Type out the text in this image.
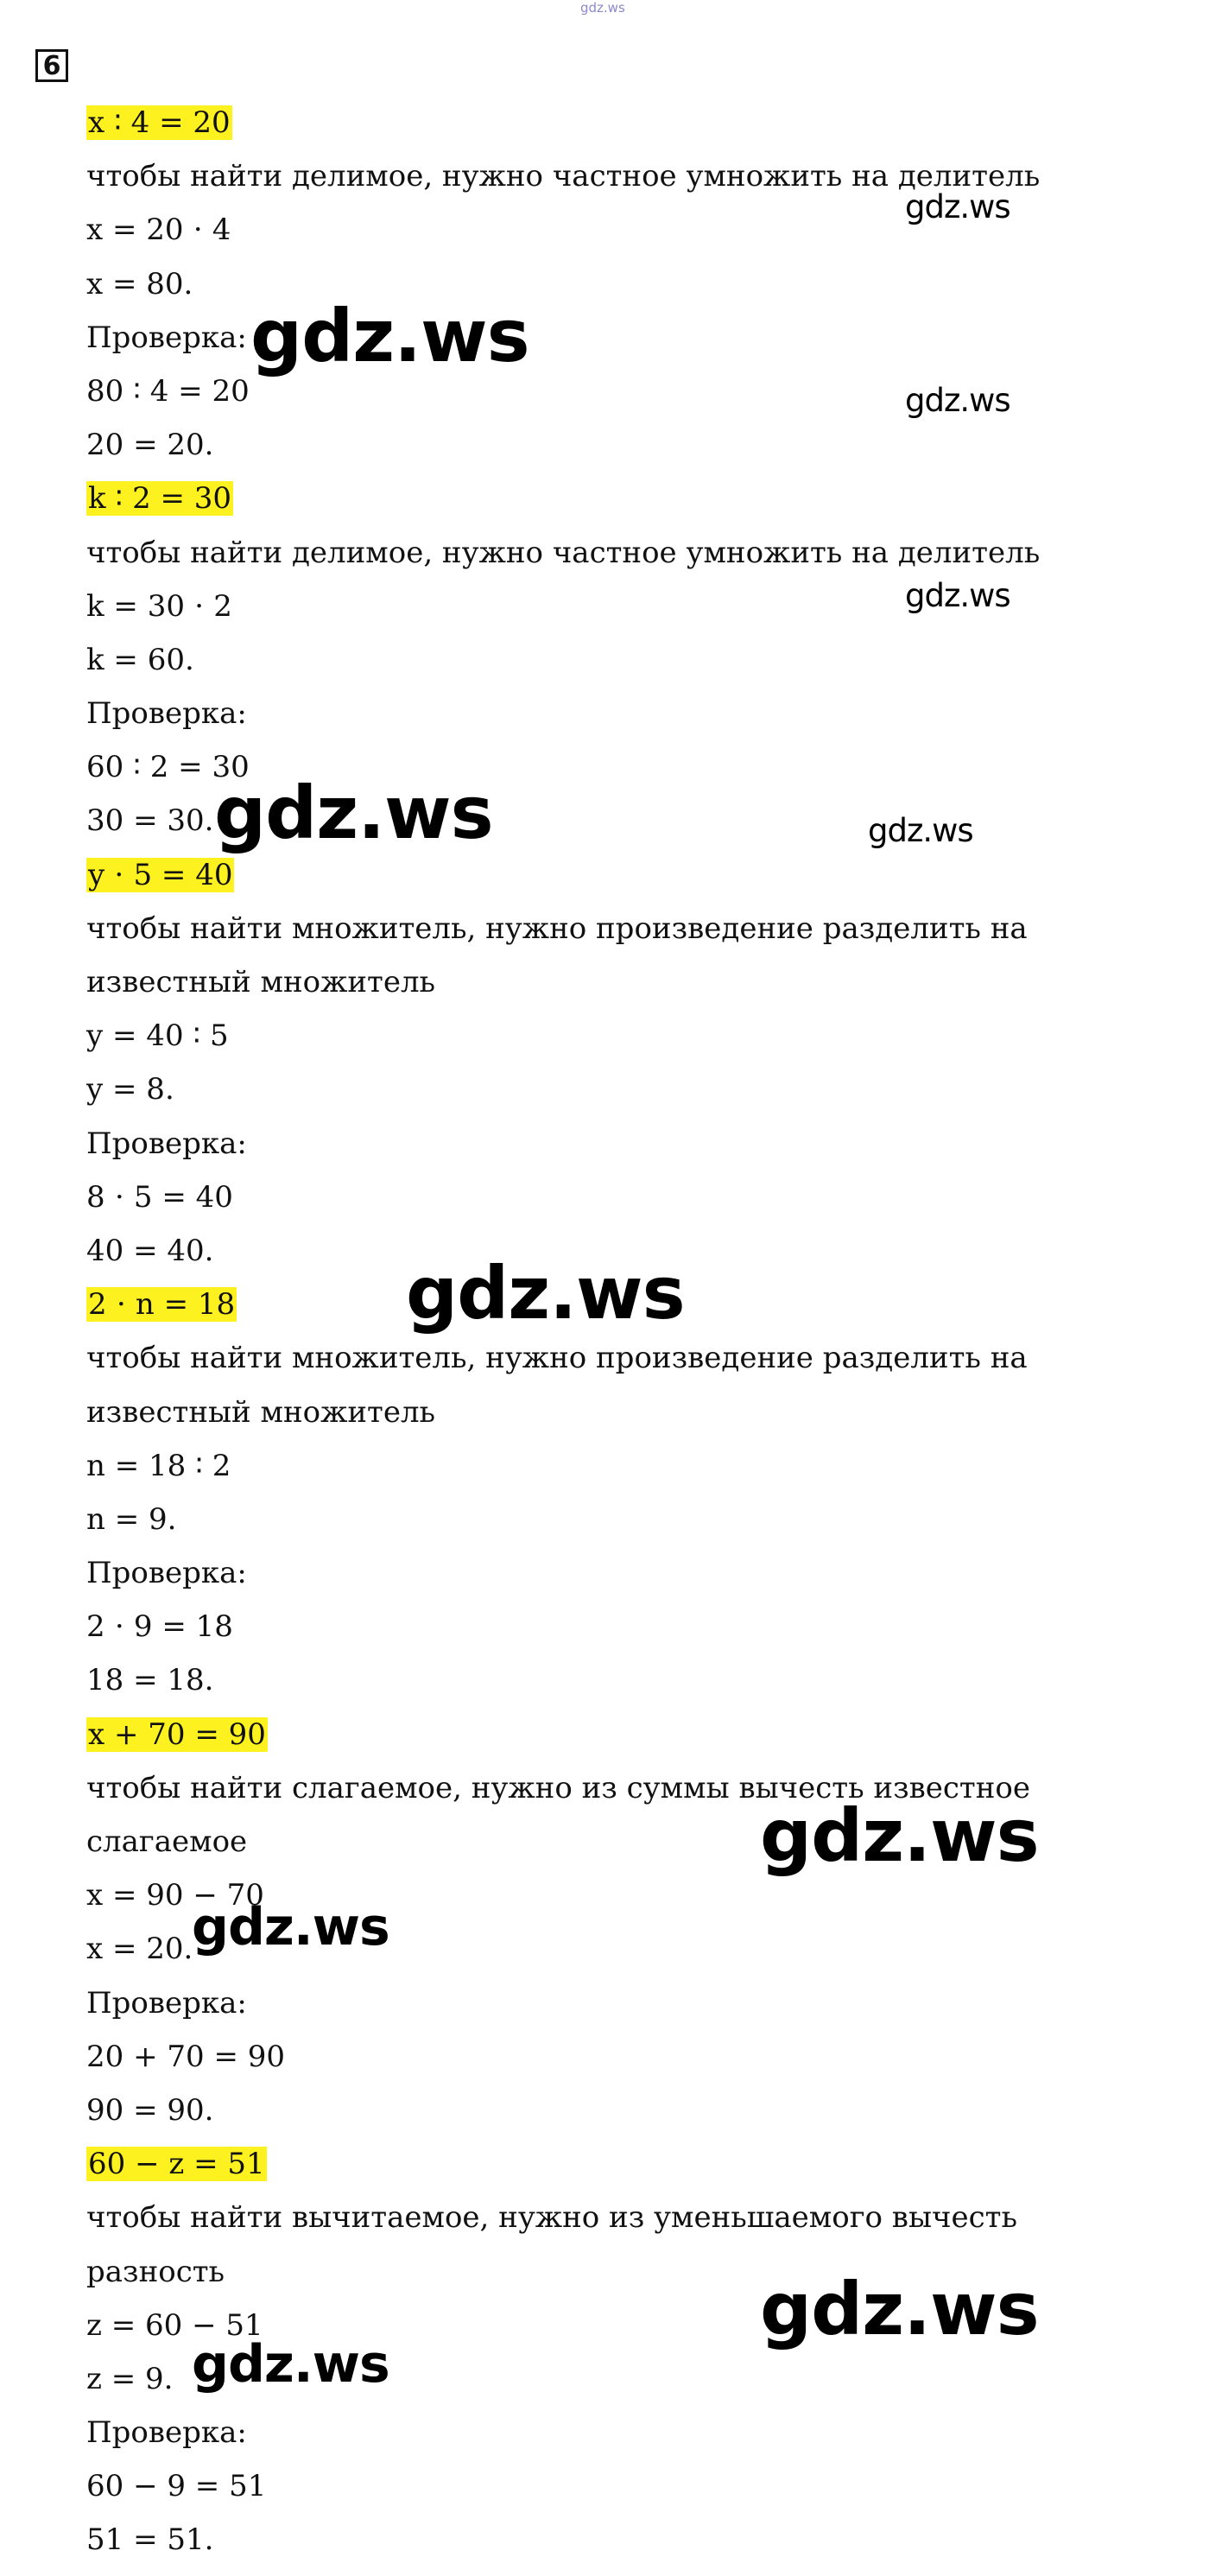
gdz.ws
6
x ∶ 4 = 20
чтобы найти делимое, нужно частное умножить на делитель
x = 20 ⋅ 4
x = 80.
Проверка:
80 ∶ 4 = 20
20 = 20.
k ∶ 2 = 30
чтобы найти делимое, нужно частное умножить на делитель
k = 30 ⋅ 2
k = 60.
Проверка:
60 ∶ 2 = 30
30 = 30.
y ⋅ 5 = 40
чтобы найти множитель, нужно произведение разделить на
известный множитель
y = 40 ∶ 5
y = 8.
Проверка:
8 ⋅ 5 = 40
40 = 40.
2 ⋅ n = 18
чтобы найти множитель, нужно произведение разделить на
известный множитель
n = 18 ∶ 2
n = 9.
Проверка:
2 ⋅ 9 = 18
18 = 18.
x + 70 = 90
чтобы найти слагаемое, нужно из суммы вычесть известное
слагаемое
x = 90 − 70
x = 20.
Проверка:
20 + 70 = 90
90 = 90.
60 − z = 51
чтобы найти вычитаемое, нужно из уменьшаемого вычесть
разность
z = 60 − 51
z = 9.
Проверка:
60 − 9 = 51
51 = 51.
gdz.ws
gdz.ws
gdz.ws
gdz.ws
gdz.ws	gdz.ws
gdz.ws
gdz.ws
gdz.ws
gdz.ws
gdz.ws
